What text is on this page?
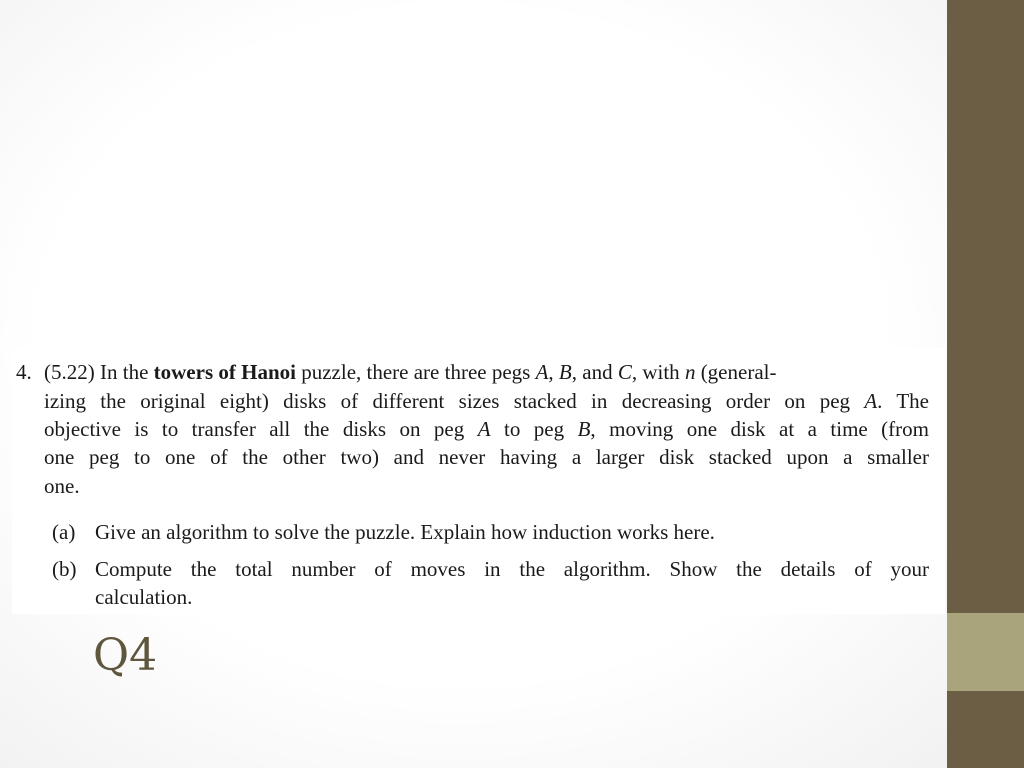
4. (5.22) In the towers of Hanoi puzzle, there are three pegs A, B, and C, with n (general-
izing the original eight) disks of different sizes stacked in decreasing order on peg A. The
objective is to transfer all the disks on peg A to peg B, moving one disk at a time (from
one peg to one of the other two) and never having a larger disk stacked upon a smaller
one.
(a) Give an algorithm to solve the puzzle. Explain how induction works here.
(b) Compute the total number of moves in the algorithm. Show the details of your
calculation.
Q4
